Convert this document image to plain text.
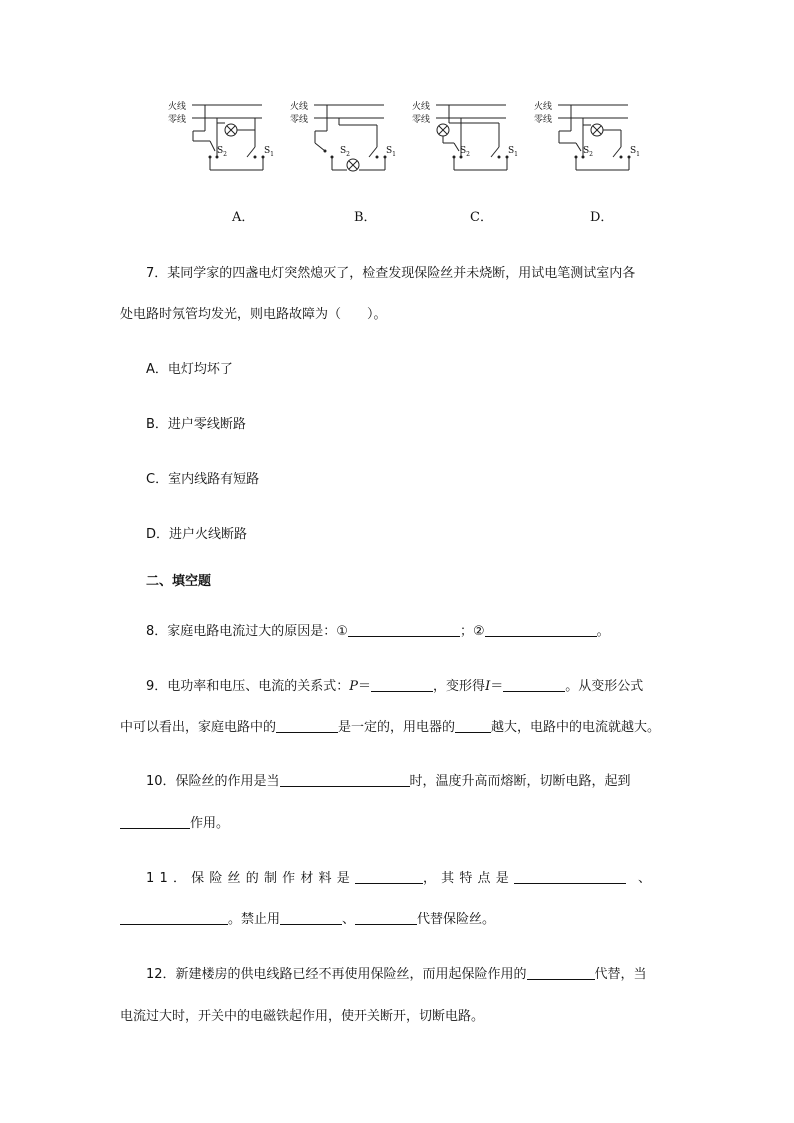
火线
零线
火线
零线
火线
零线
火线
零线
$S_2$	$S_1$	$S_2$	$S_1$	$S_2$	$S_1$	$S_2$	$S_1$
A．	B．	C．	D．
7．某同学家的四盏电灯突然熄灭了，检查发现保险丝并未烧断，用试电笔测试室内各
处电路时氖管均发光，则电路故障为（　　）。
A．电灯均坏了
B．进户零线断路
C．室内线路有短路
D．进户火线断路
二、填空题
8．家庭电路电流过大的原因是：①	；②	。
9．电功率和电压、电流的关系式：P＝	，变形得I＝	。从变形公式
中可以看出，家庭电路中的	是一定的，用电器的	越大，电路中的电流就越大。
10．保险丝的作用是当	时，温度升高而熔断，切断电路，起到
作用。
11．保险丝的制作材料是	，其特点是	、
。禁止用	、	代替保险丝。
12．新建楼房的供电线路已经不再使用保险丝，而用起保险作用的	代替，当
电流过大时，开关中的电磁铁起作用，使开关断开，切断电路。
